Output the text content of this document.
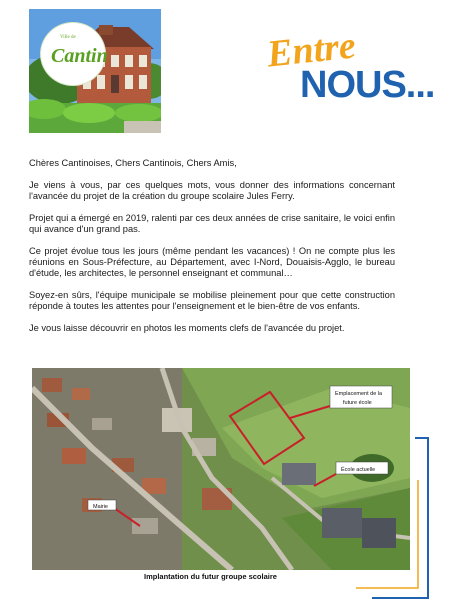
Ville de
Cantin	Entre
NOUS...

Chères Cantinoises, Chers Cantinois, Chers Amis,

Je viens à vous, par ces quelques mots, vous donner des informations concernant l'avancée du projet de la création du groupe scolaire Jules Ferry.

Projet qui a émergé en 2019, ralenti par ces deux années de crise sanitaire, le voici enfin qui avance d'un grand pas.

Ce projet évolue tous les jours (même pendant les vacances) ! On ne compte plus les réunions en Sous-Préfecture, au Département, avec I-Nord, Douaisis-Agglo, le bureau d'étude, les architectes, le personnel enseignant et communal…

Soyez-en sûrs, l'équipe municipale se mobilise pleinement pour que cette construction réponde à toutes les attentes pour l'enseignement et le bien-être de vos enfants.

Je vous laisse découvrir en photos les moments clefs de l'avancée du projet.

Emplacement de la
future école
École actuelle
Mairie
Implantation du futur groupe scolaire
